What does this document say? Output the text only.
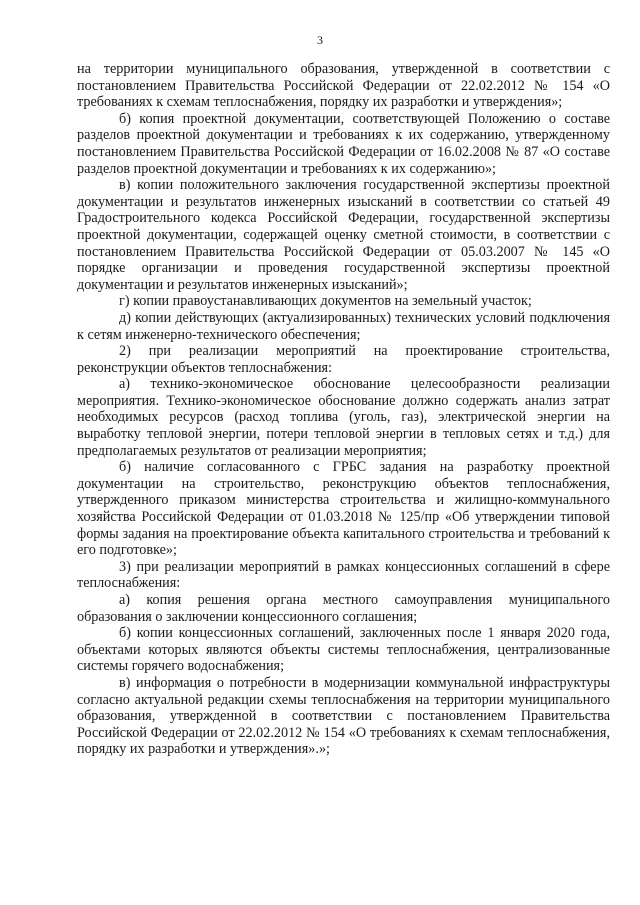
3

на территории муниципального образования, утвержденной в соответствии с постановлением Правительства Российской Федерации от 22.02.2012 № 154 «О требованиях к схемам теплоснабжения, порядку их разработки и утверждения»;

б) копия проектной документации, соответствующей Положению о составе разделов проектной документации и требованиях к их содержанию, утвержденному постановлением Правительства Российской Федерации от 16.02.2008 № 87 «О составе разделов проектной документации и требованиях к их содержанию»;

в) копии положительного заключения государственной экспертизы проектной документации и результатов инженерных изысканий в соответствии со статьей 49 Градостроительного кодекса Российской Федерации, государственной экспертизы проектной документации, содержащей оценку сметной стоимости, в соответствии с постановлением Правительства Российской Федерации от 05.03.2007 № 145 «О порядке организации и проведения государственной экспертизы проектной документации и результатов инженерных изысканий»;

г) копии правоустанавливающих документов на земельный участок;

д) копии действующих (актуализированных) технических условий подключения к сетям инженерно-технического обеспечения;

2) при реализации мероприятий на проектирование строительства, реконструкции объектов теплоснабжения:

а) технико-экономическое обоснование целесообразности реализации мероприятия. Технико-экономическое обоснование должно содержать анализ затрат необходимых ресурсов (расход топлива (уголь, газ), электрической энергии на выработку тепловой энергии, потери тепловой энергии в тепловых сетях и т.д.) для предполагаемых результатов от реализации мероприятия;

б) наличие согласованного с ГРБС задания на разработку проектной документации на строительство, реконструкцию объектов теплоснабжения, утвержденного приказом министерства строительства и жилищно-коммунального хозяйства Российской Федерации от 01.03.2018 № 125/пр «Об утверждении типовой формы задания на проектирование объекта капитального строительства и требований к его подготовке»;

3) при реализации мероприятий в рамках концессионных соглашений в сфере теплоснабжения:

а) копия решения органа местного самоуправления муниципального образования о заключении концессионного соглашения;

б) копии концессионных соглашений, заключенных после 1 января 2020 года, объектами которых являются объекты системы теплоснабжения, централизованные системы горячего водоснабжения;

в) информация о потребности в модернизации коммунальной инфраструктуры согласно актуальной редакции схемы теплоснабжения на территории муниципального образования, утвержденной в соответствии с постановлением Правительства Российской Федерации от 22.02.2012 № 154 «О требованиях к схемам теплоснабжения, порядку их разработки и утверждения».»;
